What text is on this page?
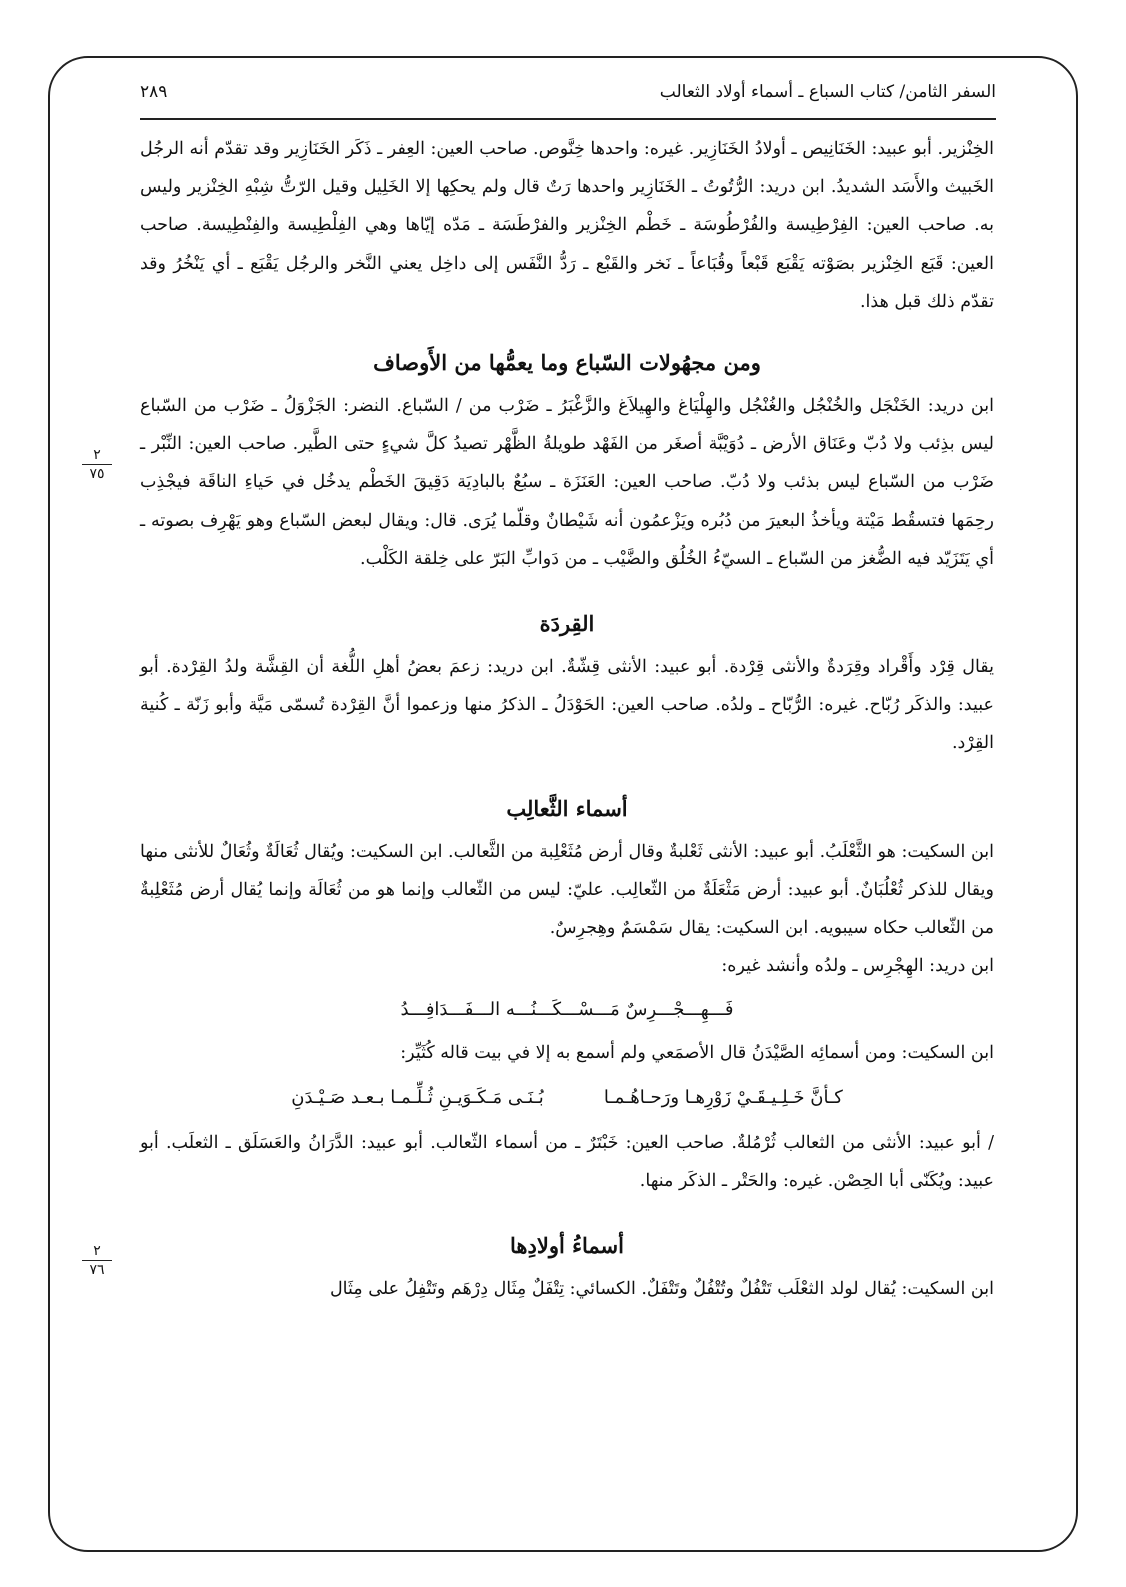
٢٨٩	السفر الثامن/ كتاب السباع ـ أسماء أولاد الثعالب
٢
٧٥
٢
٧٦

الخِنْزير. أبو عبيد: الخَنَانِيص ـ أولادُ الخَنَازِير. غيره: واحدها خِنَّوص. صاحب العين: العِفر ـ ذَكَر الخَنَازِير وقد تقدّم أنه الرجُل الخَبيث والأَسَد الشديدُ. ابن دريد: الرُّتُوتُ ـ الخَنَازِير واحدها رَتٌ قال ولم يحكِها إلا الخَلِيل وقيل الرّتُّ شِبْهِ الخِنْزير وليس به. صاحب العين: الفِرْطِيسة والفُرْطُوسَة ـ خَطْم الخِنْزير والفرْطَسَة ـ مَدّه إيّاها وهي الفِلْطِيسة والفِنْطِيسة. صاحب العين: قَبَع الخِنْزير بصَوْته يَقْبَع قَبْعاً وقُبَاعاً ـ نَخر والقَبْع ـ رَدُّ النَّفَس إلى داخِل يعني النَّخر والرجُل يَقْبَع ـ أي يَنْخُرُ وقد تقدّم ذلك قبل هذا.

ومن مجهُولات السّباع وما يعمُّها من الأَوصاف

ابن دريد: الخَنْجَل والخُنْجُل والغُنْجُل والهِلْيَاغ والهِيلاَغ والزَّغْبَرُ ـ ضَرْب من / السّباع. النضر: الجَزْوَلُ ـ ضَرْب من السّباع ليس بذِئب ولا دُبّ وعَنَاق الأرض ـ دُوَيْبَّة أصغَر من الفَهْد طويلةُ الظَّهْر تصيدُ كلَّ شيءٍ حتى الطَّير. صاحب العين: النِّبْر ـ ضَرْب من السّباع ليس بذئب ولا دُبّ. صاحب العين: العَنَزَة ـ سبُعٌ بالبادِيَة دَقِيقَ الخَطْم يدخُل في حَياءِ الناقَة فيجْذِب رحِمَها فتسقُط مَيْتة ويأخذُ البعيرَ من دُبُره ويَزْعمُون أنه شَيْطانٌ وقلّما يُرَى. قال: ويقال لبعض السّباع وهو يَهْرِف بصوته ـ أي يَتَزَيّد فيه الضُّغز من السّباع ـ السيّءُ الخُلُق والضَّيْب ـ من دَوابِّ البَرّ على خِلقة الكَلْب.

القِردَة

يقال قِرْد وأَقْراد وقِرَدةٌ والأنثى قِرْدة. أبو عبيد: الأنثى قِشّةٌ. ابن دريد: زعمَ بعضُ أهلِ اللُّغة أن القِشَّة ولدُ القِرْدة. أبو عبيد: والذكَر رُبّاح. غيره: الرُّبّاح ـ ولدُه. صاحب العين: الحَوْدَلُ ـ الذكرُ منها وزعموا أنَّ القِرْدة تُسمّى مَيَّة وأبو زَنّة ـ كُنية القِرْد.

أسماء الثَّعالِب

ابن السكيت: هو الثَّعْلَبُ. أبو عبيد: الأنثى ثَعْلبةٌ وقال أرض مُثَعْلِبة من الثَّعالب. ابن السكيت: ويُقال ثُعَالَةٌ وثُعَالٌ للأنثى منها ويقال للذكر ثُعْلُبَانٌ. أبو عبيد: أرض مَثْعَلَةٌ من الثّعالِب. عليّ: ليس من الثّعالب وإنما هو من ثُعَالَة وإنما يُقال أرض مُثَعْلِبةٌ من الثّعالب حكاه سيبويه. ابن السكيت: يقال سَمْسَمٌ وهِجرِسٌ.

ابن دريد: الهِجْرِس ـ ولدُه وأنشد غيره:

فَـــهِـــجْـــرِسٌ مَـــسْـــكَـــنُـــه الـــفَـــدَافِـــدُ

ابن السكيت: ومن أسمائِه الصَّيْدَنُ قال الأصمَعي ولم أسمع به إلا في بيت قاله كُثَيِّر:

كـأنَّ خَـلِـيـقَـيْ زَوْرِهـا ورَحـاهُـمـا
بُـنَـى مَـكَـوَيـنِ ثُـلِّـمـا بـعـد صَـيْـدَنِ

/ أبو عبيد: الأنثى من الثعالب ثُرْمُلةٌ. صاحب العين: خَبْتَرٌ ـ من أسماء الثّعالب. أبو عبيد: الدَّرَانُ والعَسَلَق ـ الثعلَب. أبو عبيد: ويُكَنّى أبا الحِصْن. غيره: والحَتْر ـ الذكَر منها.

أسماءُ أولادِها

ابن السكيت: يُقال لولد الثعْلَب تَتْفُلٌ وتُتْفُلٌ وتَتْفَلٌ. الكسائي: تِتْفَلٌ مِثَال دِرْهَم وتَتْفِلُ على مِثَال
